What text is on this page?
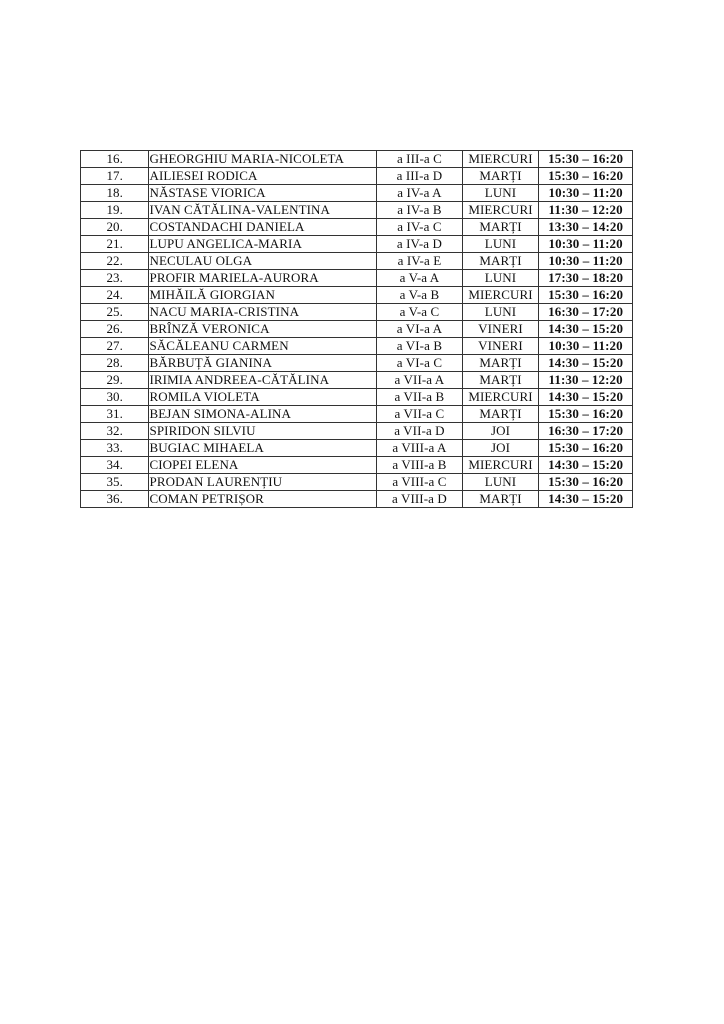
16.	GHEORGHIU MARIA-NICOLETA	a III-a C	MIERCURI	15:30 – 16:20
17.	AILIESEI RODICA	a III-a D	MARȚI	15:30 – 16:20
18.	NĂSTASE VIORICA	a IV-a A	LUNI	10:30 – 11:20
19.	IVAN CĂTĂLINA-VALENTINA	a IV-a B	MIERCURI	11:30 – 12:20
20.	COSTANDACHI DANIELA	a IV-a C	MARȚI	13:30 – 14:20
21.	LUPU ANGELICA-MARIA	a IV-a D	LUNI	10:30 – 11:20
22.	NECULAU OLGA	a IV-a E	MARȚI	10:30 – 11:20
23.	PROFIR MARIELA-AURORA	a V-a A	LUNI	17:30 – 18:20
24.	MIHĂILĂ GIORGIAN	a V-a B	MIERCURI	15:30 – 16:20
25.	NACU MARIA-CRISTINA	a V-a C	LUNI	16:30 – 17:20
26.	BRÎNZĂ VERONICA	a VI-a A	VINERI	14:30 – 15:20
27.	SĂCĂLEANU CARMEN	a VI-a B	VINERI	10:30 – 11:20
28.	BĂRBUȚĂ GIANINA	a VI-a C	MARȚI	14:30 – 15:20
29.	IRIMIA ANDREEA-CĂTĂLINA	a VII-a A	MARȚI	11:30 – 12:20
30.	ROMILA VIOLETA	a VII-a B	MIERCURI	14:30 – 15:20
31.	BEJAN SIMONA-ALINA	a VII-a C	MARȚI	15:30 – 16:20
32.	SPIRIDON SILVIU	a VII-a D	JOI	16:30 – 17:20
33.	BUGIAC MIHAELA	a VIII-a A	JOI	15:30 – 16:20
34.	CIOPEI ELENA	a VIII-a B	MIERCURI	14:30 – 15:20
35.	PRODAN LAURENȚIU	a VIII-a C	LUNI	15:30 – 16:20
36.	COMAN PETRIȘOR	a VIII-a D	MARȚI	14:30 – 15:20
